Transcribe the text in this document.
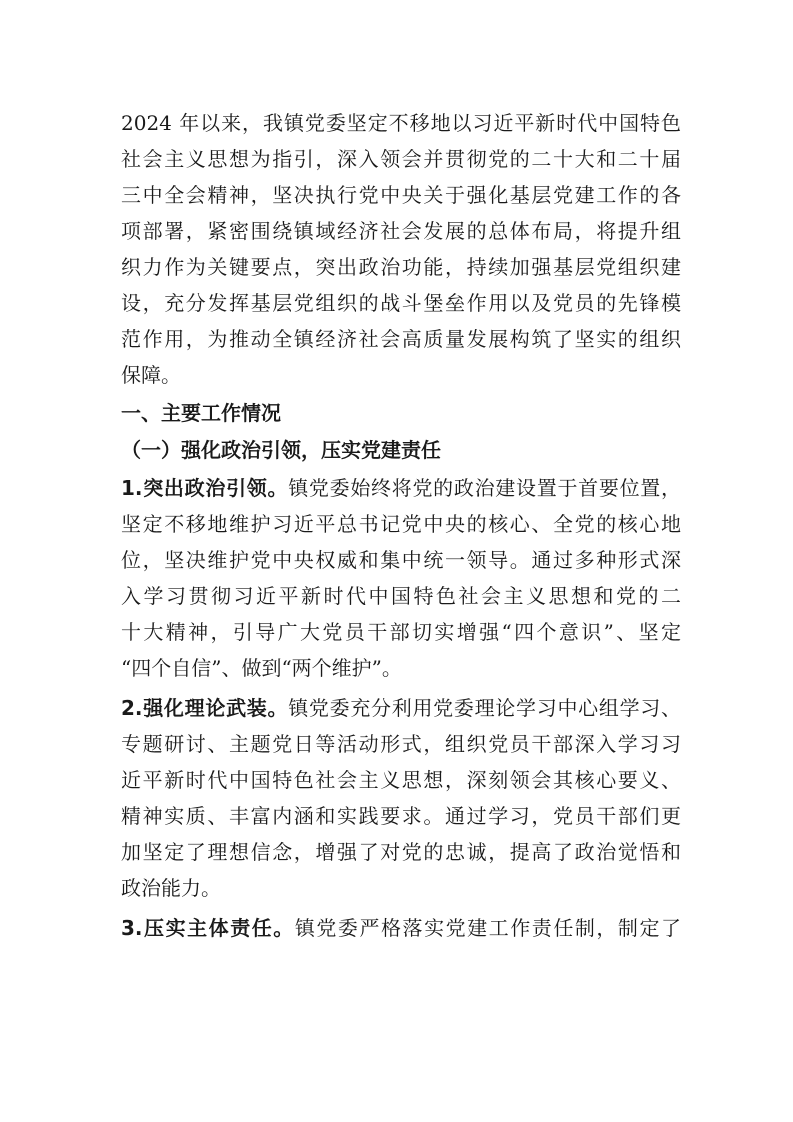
2024 年以来，我镇党委坚定不移地以习近平新时代中国特色
社会主义思想为指引，深入领会并贯彻党的二十大和二十届
三中全会精神，坚决执行党中央关于强化基层党建工作的各
项部署，紧密围绕镇域经济社会发展的总体布局，将提升组
织力作为关键要点，突出政治功能，持续加强基层党组织建
设，充分发挥基层党组织的战斗堡垒作用以及党员的先锋模
范作用，为推动全镇经济社会高质量发展构筑了坚实的组织
保障。
一、主要工作情况
（一）强化政治引领，压实党建责任
1.突出政治引领。镇党委始终将党的政治建设置于首要位置，
坚定不移地维护习近平总书记党中央的核心、全党的核心地
位，坚决维护党中央权威和集中统一领导。通过多种形式深
入学习贯彻习近平新时代中国特色社会主义思想和党的二
十大精神，引导广大党员干部切实增强“四个意识”、坚定
“四个自信”、做到“两个维护”。
2.强化理论武装。镇党委充分利用党委理论学习中心组学习、
专题研讨、主题党日等活动形式，组织党员干部深入学习习
近平新时代中国特色社会主义思想，深刻领会其核心要义、
精神实质、丰富内涵和实践要求。通过学习，党员干部们更
加坚定了理想信念，增强了对党的忠诚，提高了政治觉悟和
政治能力。
3.压实主体责任。镇党委严格落实党建工作责任制，制定了
